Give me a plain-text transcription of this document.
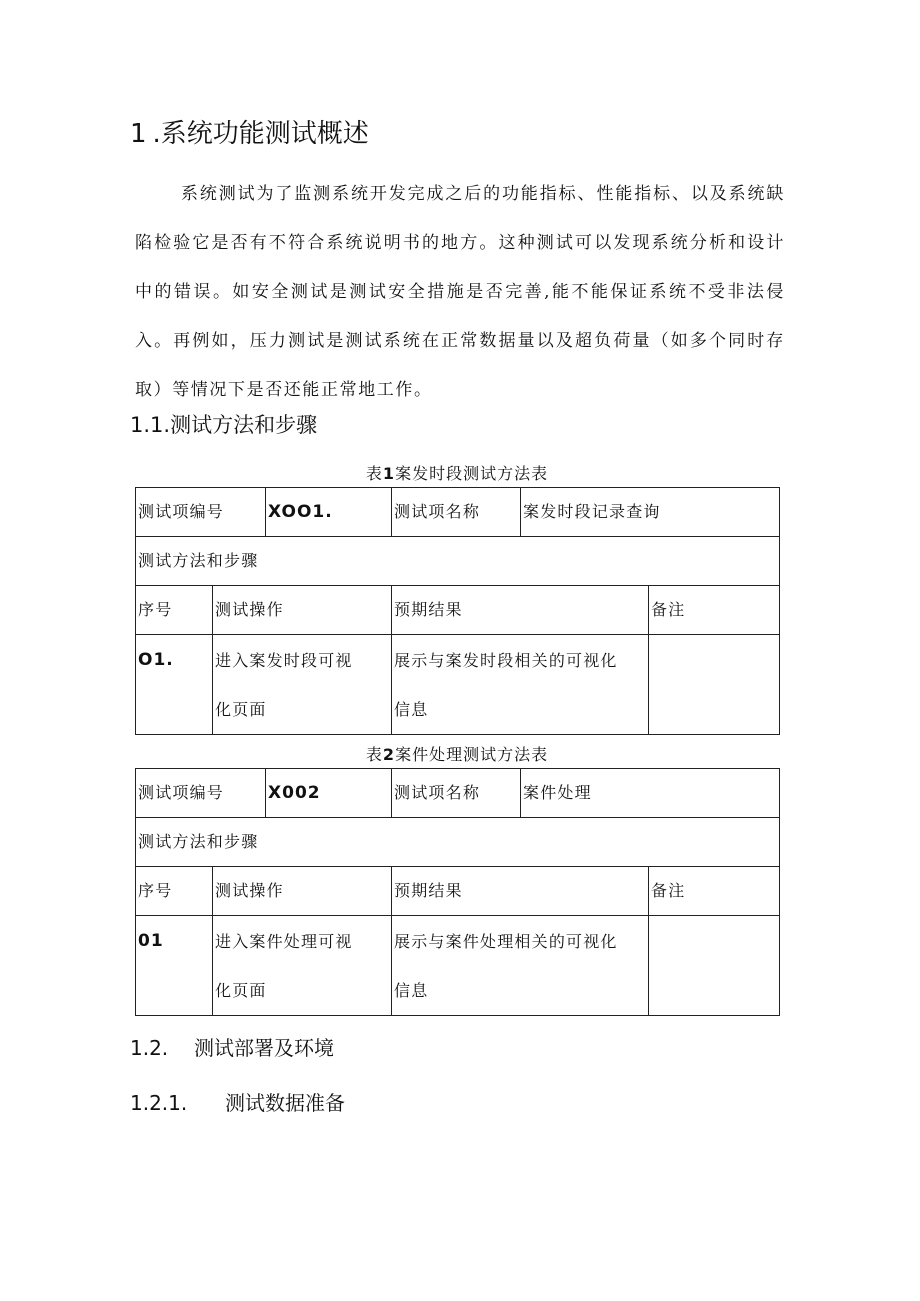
1 .系统功能测试概述
系统测试为了监测系统开发完成之后的功能指标、性能指标、以及系统缺陷检验它是否有不符合系统说明书的地方。这种测试可以发现系统分析和设计中的错误。如安全测试是测试安全措施是否完善,能不能保证系统不受非法侵入。再例如，压力测试是测试系统在正常数据量以及超负荷量（如多个同时存取）等情况下是否还能正常地工作。
1.1.测试方法和步骤
表1案发时段测试方法表
测试项编号		XOO1.	测试项名称	案发时段记录查询	
测试方法和步骤					
序号	测试操作		预期结果		备注
O1.	进入案发时段可视化页面		展示与案发时段相关的可视化信息		
表2案件处理测试方法表
测试项编号		X002	测试项名称	案件处理	
测试方法和步骤					
序号	测试操作		预期结果		备注
01	进入案件处理可视化页面		展示与案件处理相关的可视化信息		
1.2. 测试部署及环境
1.2.1. 测试数据准备
